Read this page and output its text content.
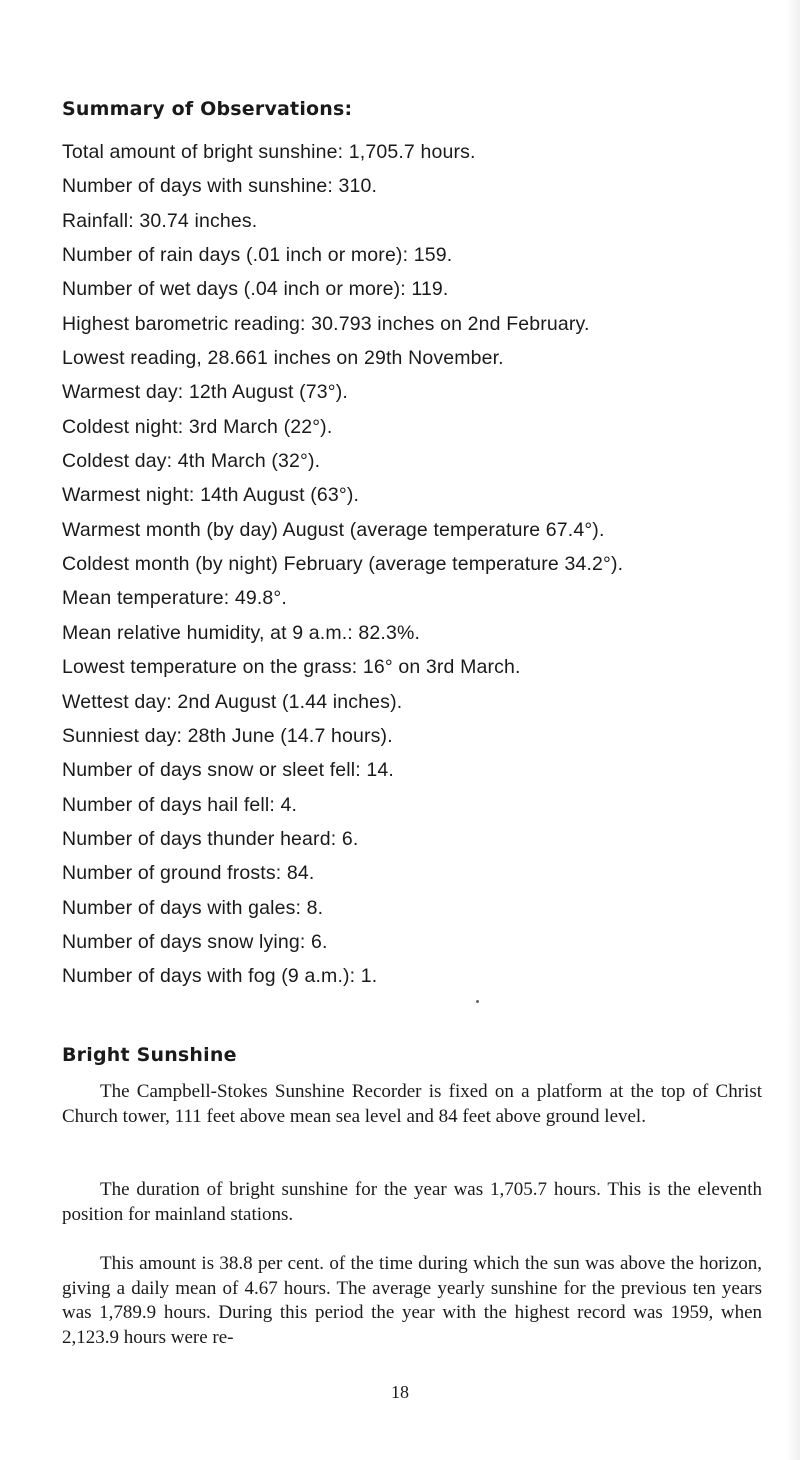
Summary of Observations:
Total amount of bright sunshine: 1,705.7 hours.
Number of days with sunshine: 310.
Rainfall: 30.74 inches.
Number of rain days (.01 inch or more): 159.
Number of wet days (.04 inch or more): 119.
Highest barometric reading: 30.793 inches on 2nd February.
Lowest reading, 28.661 inches on 29th November.
Warmest day: 12th August (73°).
Coldest night: 3rd March (22°).
Coldest day: 4th March (32°).
Warmest night: 14th August (63°).
Warmest month (by day) August (average temperature 67.4°).
Coldest month (by night) February (average temperature 34.2°).
Mean temperature: 49.8°.
Mean relative humidity, at 9 a.m.: 82.3%.
Lowest temperature on the grass: 16° on 3rd March.
Wettest day: 2nd August (1.44 inches).
Sunniest day: 28th June (14.7 hours).
Number of days snow or sleet fell: 14.
Number of days hail fell: 4.
Number of days thunder heard: 6.
Number of ground frosts: 84.
Number of days with gales: 8.
Number of days snow lying: 6.
Number of days with fog (9 a.m.): 1.
Bright Sunshine

The Campbell-Stokes Sunshine Recorder is fixed on a platform at the top of Christ Church tower, 111 feet above mean sea level and 84 feet above ground level.

The duration of bright sunshine for the year was 1,705.7 hours. This is the eleventh position for mainland stations.

This amount is 38.8 per cent. of the time during which the sun was above the horizon, giving a daily mean of 4.67 hours. The average yearly sunshine for the previous ten years was 1,789.9 hours. During this period the year with the highest record was 1959, when 2,123.9 hours were re-

18
